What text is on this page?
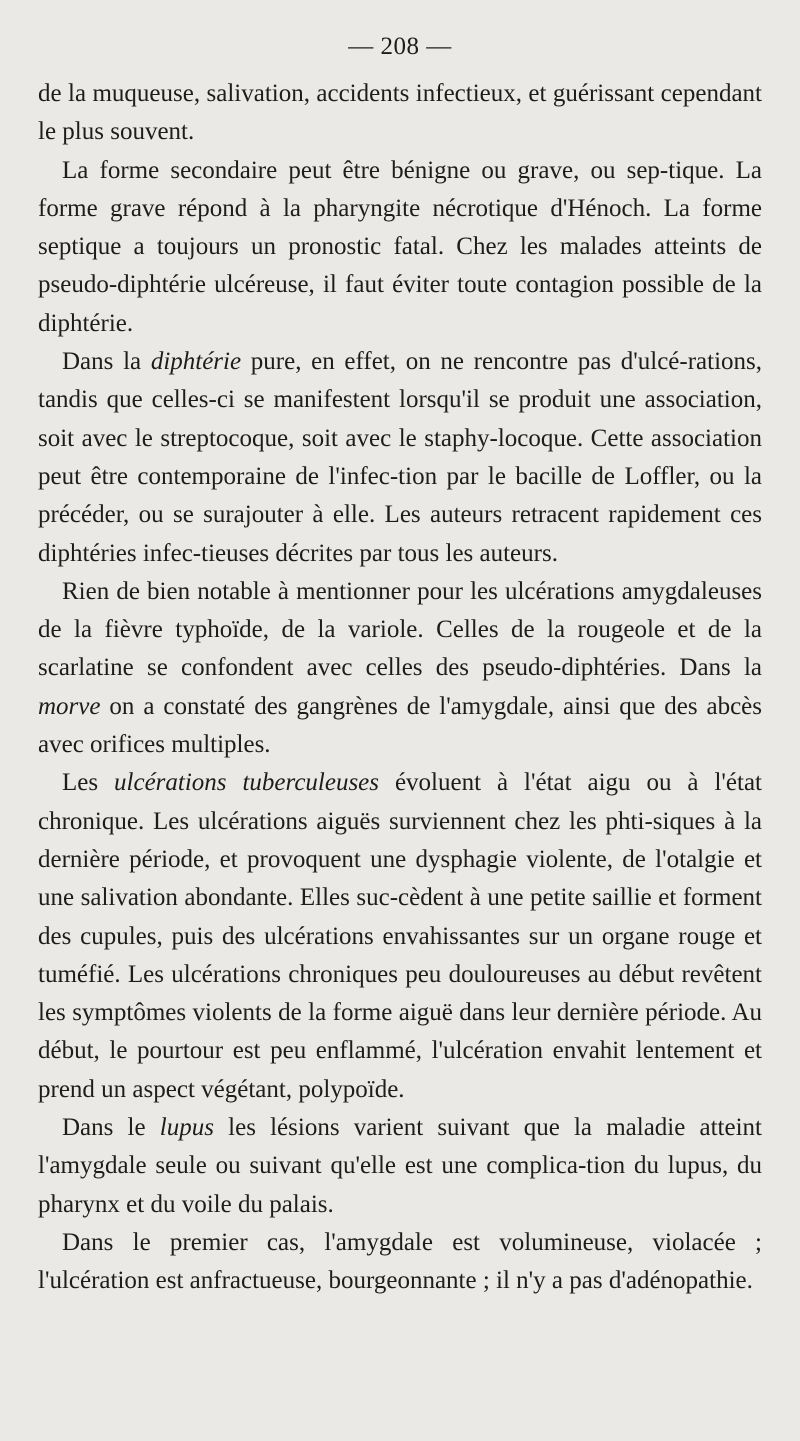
— 208 —

de la muqueuse, salivation, accidents infectieux, et guérissant cependant le plus souvent.

La forme secondaire peut être bénigne ou grave, ou sep-tique. La forme grave répond à la pharyngite nécrotique d'Hénoch. La forme septique a toujours un pronostic fatal. Chez les malades atteints de pseudo-diphtérie ulcéreuse, il faut éviter toute contagion possible de la diphtérie.

Dans la diphtérie pure, en effet, on ne rencontre pas d'ulcé-rations, tandis que celles-ci se manifestent lorsqu'il se produit une association, soit avec le streptocoque, soit avec le staphy-locoque. Cette association peut être contemporaine de l'infec-tion par le bacille de Loffler, ou la précéder, ou se surajouter à elle. Les auteurs retracent rapidement ces diphtéries infec-tieuses décrites par tous les auteurs.

Rien de bien notable à mentionner pour les ulcérations amygdaleuses de la fièvre typhoïde, de la variole. Celles de la rougeole et de la scarlatine se confondent avec celles des pseudo-diphtéries. Dans la morve on a constaté des gangrènes de l'amygdale, ainsi que des abcès avec orifices multiples.

Les ulcérations tuberculeuses évoluent à l'état aigu ou à l'état chronique. Les ulcérations aiguës surviennent chez les phti-siques à la dernière période, et provoquent une dysphagie violente, de l'otalgie et une salivation abondante. Elles suc-cèdent à une petite saillie et forment des cupules, puis des ulcérations envahissantes sur un organe rouge et tuméfié. Les ulcérations chroniques peu douloureuses au début revêtent les symptômes violents de la forme aiguë dans leur dernière période. Au début, le pourtour est peu enflammé, l'ulcération envahit lentement et prend un aspect végétant, polypoïde.

Dans le lupus les lésions varient suivant que la maladie atteint l'amygdale seule ou suivant qu'elle est une complica-tion du lupus, du pharynx et du voile du palais.

Dans le premier cas, l'amygdale est volumineuse, violacée ; l'ulcération est anfractueuse, bourgeonnante ; il n'y a pas d'adénopathie.
